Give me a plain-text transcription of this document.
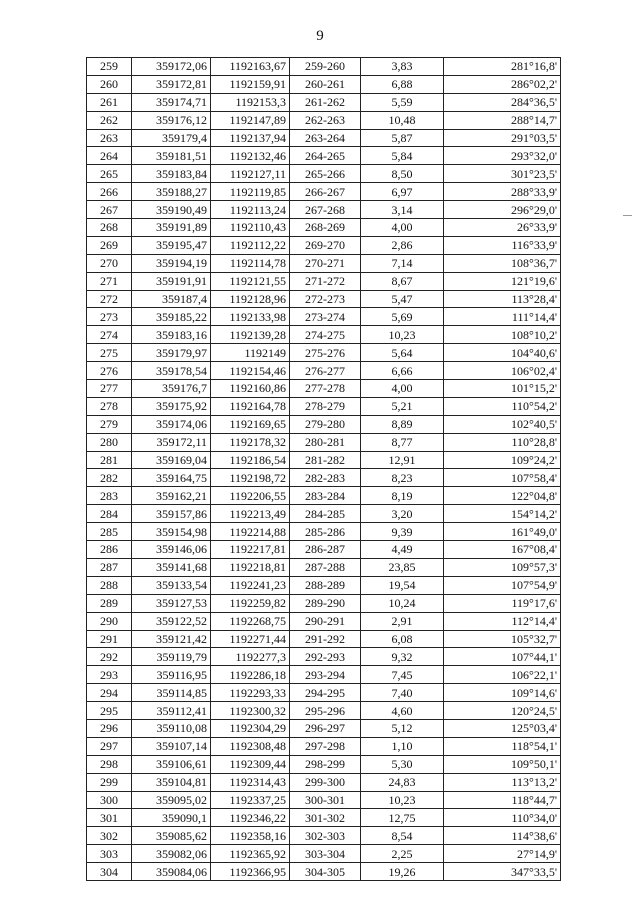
9
259	359172,06	1192163,67	259-260	3,83	281°16,8'
260	359172,81	1192159,91	260-261	6,88	286°02,2'
261	359174,71	1192153,3	261-262	5,59	284°36,5'
262	359176,12	1192147,89	262-263	10,48	288°14,7'
263	359179,4	1192137,94	263-264	5,87	291°03,5'
264	359181,51	1192132,46	264-265	5,84	293°32,0'
265	359183,84	1192127,11	265-266	8,50	301°23,5'
266	359188,27	1192119,85	266-267	6,97	288°33,9'
267	359190,49	1192113,24	267-268	3,14	296°29,0'
268	359191,89	1192110,43	268-269	4,00	26°33,9'
269	359195,47	1192112,22	269-270	2,86	116°33,9'
270	359194,19	1192114,78	270-271	7,14	108°36,7'
271	359191,91	1192121,55	271-272	8,67	121°19,6'
272	359187,4	1192128,96	272-273	5,47	113°28,4'
273	359185,22	1192133,98	273-274	5,69	111°14,4'
274	359183,16	1192139,28	274-275	10,23	108°10,2'
275	359179,97	1192149	275-276	5,64	104°40,6'
276	359178,54	1192154,46	276-277	6,66	106°02,4'
277	359176,7	1192160,86	277-278	4,00	101°15,2'
278	359175,92	1192164,78	278-279	5,21	110°54,2'
279	359174,06	1192169,65	279-280	8,89	102°40,5'
280	359172,11	1192178,32	280-281	8,77	110°28,8'
281	359169,04	1192186,54	281-282	12,91	109°24,2'
282	359164,75	1192198,72	282-283	8,23	107°58,4'
283	359162,21	1192206,55	283-284	8,19	122°04,8'
284	359157,86	1192213,49	284-285	3,20	154°14,2'
285	359154,98	1192214,88	285-286	9,39	161°49,0'
286	359146,06	1192217,81	286-287	4,49	167°08,4'
287	359141,68	1192218,81	287-288	23,85	109°57,3'
288	359133,54	1192241,23	288-289	19,54	107°54,9'
289	359127,53	1192259,82	289-290	10,24	119°17,6'
290	359122,52	1192268,75	290-291	2,91	112°14,4'
291	359121,42	1192271,44	291-292	6,08	105°32,7'
292	359119,79	1192277,3	292-293	9,32	107°44,1'
293	359116,95	1192286,18	293-294	7,45	106°22,1'
294	359114,85	1192293,33	294-295	7,40	109°14,6'
295	359112,41	1192300,32	295-296	4,60	120°24,5'
296	359110,08	1192304,29	296-297	5,12	125°03,4'
297	359107,14	1192308,48	297-298	1,10	118°54,1'
298	359106,61	1192309,44	298-299	5,30	109°50,1'
299	359104,81	1192314,43	299-300	24,83	113°13,2'
300	359095,02	1192337,25	300-301	10,23	118°44,7'
301	359090,1	1192346,22	301-302	12,75	110°34,0'
302	359085,62	1192358,16	302-303	8,54	114°38,6'
303	359082,06	1192365,92	303-304	2,25	27°14,9'
304	359084,06	1192366,95	304-305	19,26	347°33,5'
